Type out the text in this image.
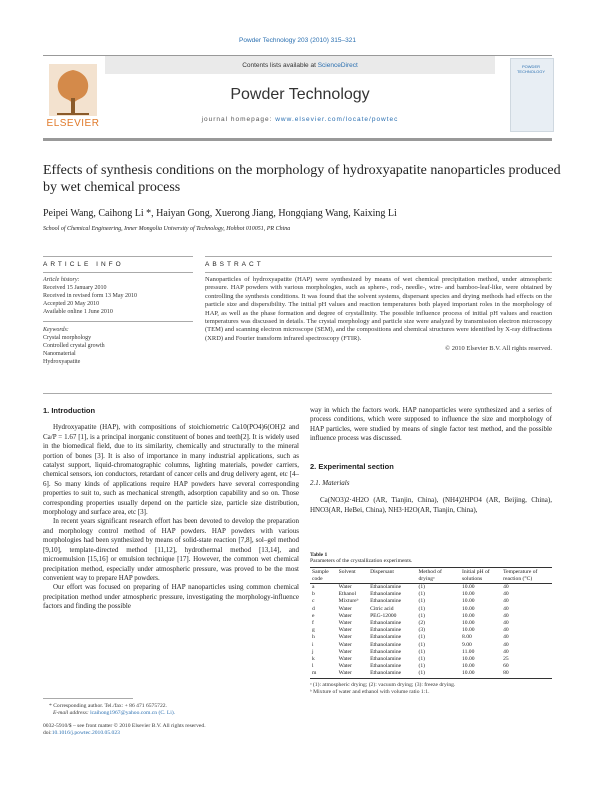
Powder Technology 203 (2010) 315–321
ELSEVIER
Contents lists available at ScienceDirect
Powder Technology
journal homepage: www.elsevier.com/locate/powtec
POWDER TECHNOLOGY
Effects of synthesis conditions on the morphology of hydroxyapatite nanoparticles produced by wet chemical process
Peipei Wang, Caihong Li *, Haiyan Gong, Xuerong Jiang, Hongqiang Wang, Kaixing Li
School of Chemical Engineering, Inner Mongolia University of Technology, Hohhot 010051, PR China
ARTICLE INFO	ABSTRACT
Article history:
Received 15 January 2010
Received in revised form 13 May 2010
Accepted 20 May 2010
Available online 1 June 2010
Keywords:
Crystal morphology
Controlled crystal growth
Nanomaterial
Hydroxyapatite
Nanoparticles of hydroxyapatite (HAP) were synthesized by means of wet chemical precipitation method, under atmospheric pressure. HAP powders with various morphologies, such as sphere-, rod-, needle-, wire- and bamboo-leaf-like, were obtained by controlling the synthesis conditions. It was found that the solvent systems, dispersant species and drying methods had effects on the particle size and dispersibility. The initial pH values and reaction temperatures both played important roles in the morphology of HAP, as well as the phase formation and degree of crystallinity. The possible influence process of initial pH values and reaction temperatures was discussed in details. The crystal morphology and particle size were analyzed by transmission electron microscopy (TEM) and scanning electron microscope (SEM), and the compositions and chemical structures were identified by X-ray diffractions (XRD) and Fourier transform infrared spectroscopy (FTIR).
© 2010 Elsevier B.V. All rights reserved.
1. Introduction

Hydroxyapatite (HAP), with compositions of stoichiometric Ca10(PO4)6(OH)2 and Ca/P = 1.67 [1], is a principal inorganic constituent of bones and teeth[2]. It is widely used in the biomedical field, due to its similarity, chemically and structurally to the mineral portion of bones [3]. It is also of importance in many industrial applications, such as catalyst support, liquid-chromatographic columns, lighting materials, powder carriers, chemical sensors, ion conductors, retardant of cancer cells and drug delivery agent, etc [4–6]. So many kinds of applications require HAP powders have several corresponding properties to suit to, such as mechanical strength, adsorption capability and so on. Those corresponding properties usually depend on the particle size, particle size distribution, morphology and surface area, etc [3].

In recent years significant research effort has been devoted to develop the preparation and morphology control method of HAP powders. HAP powders with various morphologies had been synthesized by means of solid-state reaction [7,8], sol–gel method [9,10], template-directed method [11,12], hydrothermal method [13,14], and microemulsion [15,16] or emulsion technique [17]. However, the common wet chemical precipitation method, especially under atmospheric pressure, was proved to be the most convenient way to prepare HAP powders.

Our effort was focused on preparing of HAP nanoparticles using common chemical precipitation method under atmospheric pressure, investigating the morphology-influence factors and finding the possible

* Corresponding author. Tel./fax: + 86 471 6575722.
E-mail address: lcaihong1967@yahoo.com.cn (C. Li).
0032-5910/$ – see front matter © 2010 Elsevier B.V. All rights reserved.
doi:10.1016/j.powtec.2010.05.023

way in which the factors work. HAP nanoparticles were synthesized and a series of process conditions, which were supposed to influence the size and morphology of HAP particles, were studied by means of single factor test method, and the possible influence process was discussed.

2. Experimental section
2.1. Materials

Ca(NO3)2·4H2O (AR, Tianjin, China), (NH4)2HPO4 (AR, Beijing, China), HNO3(AR, HeBei, China), NH3·H2O(AR, Tianjin, China),

Table 1
Parameters of the crystallization experiments.
Sample code	Solvent	Dispersant	Method of dryingᵃ	Initial pH of solutions	Temperature of reaction (°C)
a	Water	Ethanolamine	(1)	10.00	40
b	Ethanol	Ethanolamine	(1)	10.00	40
c	Mixtureᵇ	Ethanolamine	(1)	10.00	40
d	Water	Citric acid	(1)	10.00	40
e	Water	PEG-12000	(1)	10.00	40
f	Water	Ethanolamine	(2)	10.00	40
g	Water	Ethanolamine	(3)	10.00	40
h	Water	Ethanolamine	(1)	8.00	40
i	Water	Ethanolamine	(1)	9.00	40
j	Water	Ethanolamine	(1)	11.00	40
k	Water	Ethanolamine	(1)	10.00	25
l	Water	Ethanolamine	(1)	10.00	60
m	Water	Ethanolamine	(1)	10.00	80
ᵃ (1): atmospheric drying; (2): vacuum drying; (3): freeze drying.
ᵇ Mixture of water and ethanol with volume ratio 1:1.
